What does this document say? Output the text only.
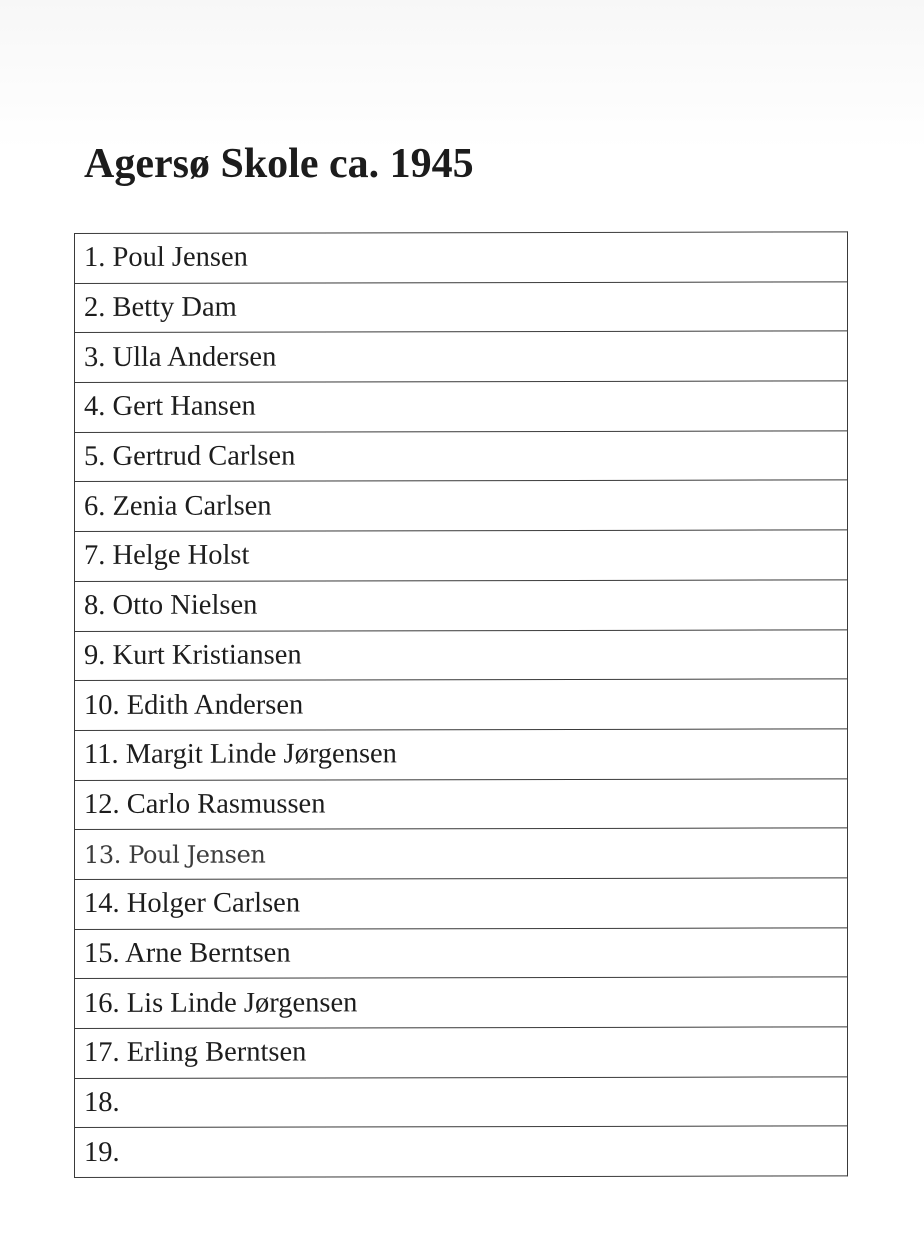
Agersø Skole ca. 1945
1. Poul Jensen
2. Betty Dam
3. Ulla Andersen
4. Gert Hansen
5. Gertrud Carlsen
6. Zenia Carlsen
7. Helge Holst
8. Otto Nielsen
9. Kurt Kristiansen
10. Edith Andersen
11. Margit Linde Jørgensen
12. Carlo Rasmussen
13. Poul Jensen
14. Holger Carlsen
15. Arne Berntsen
16. Lis Linde Jørgensen
17. Erling Berntsen
18.
19.
